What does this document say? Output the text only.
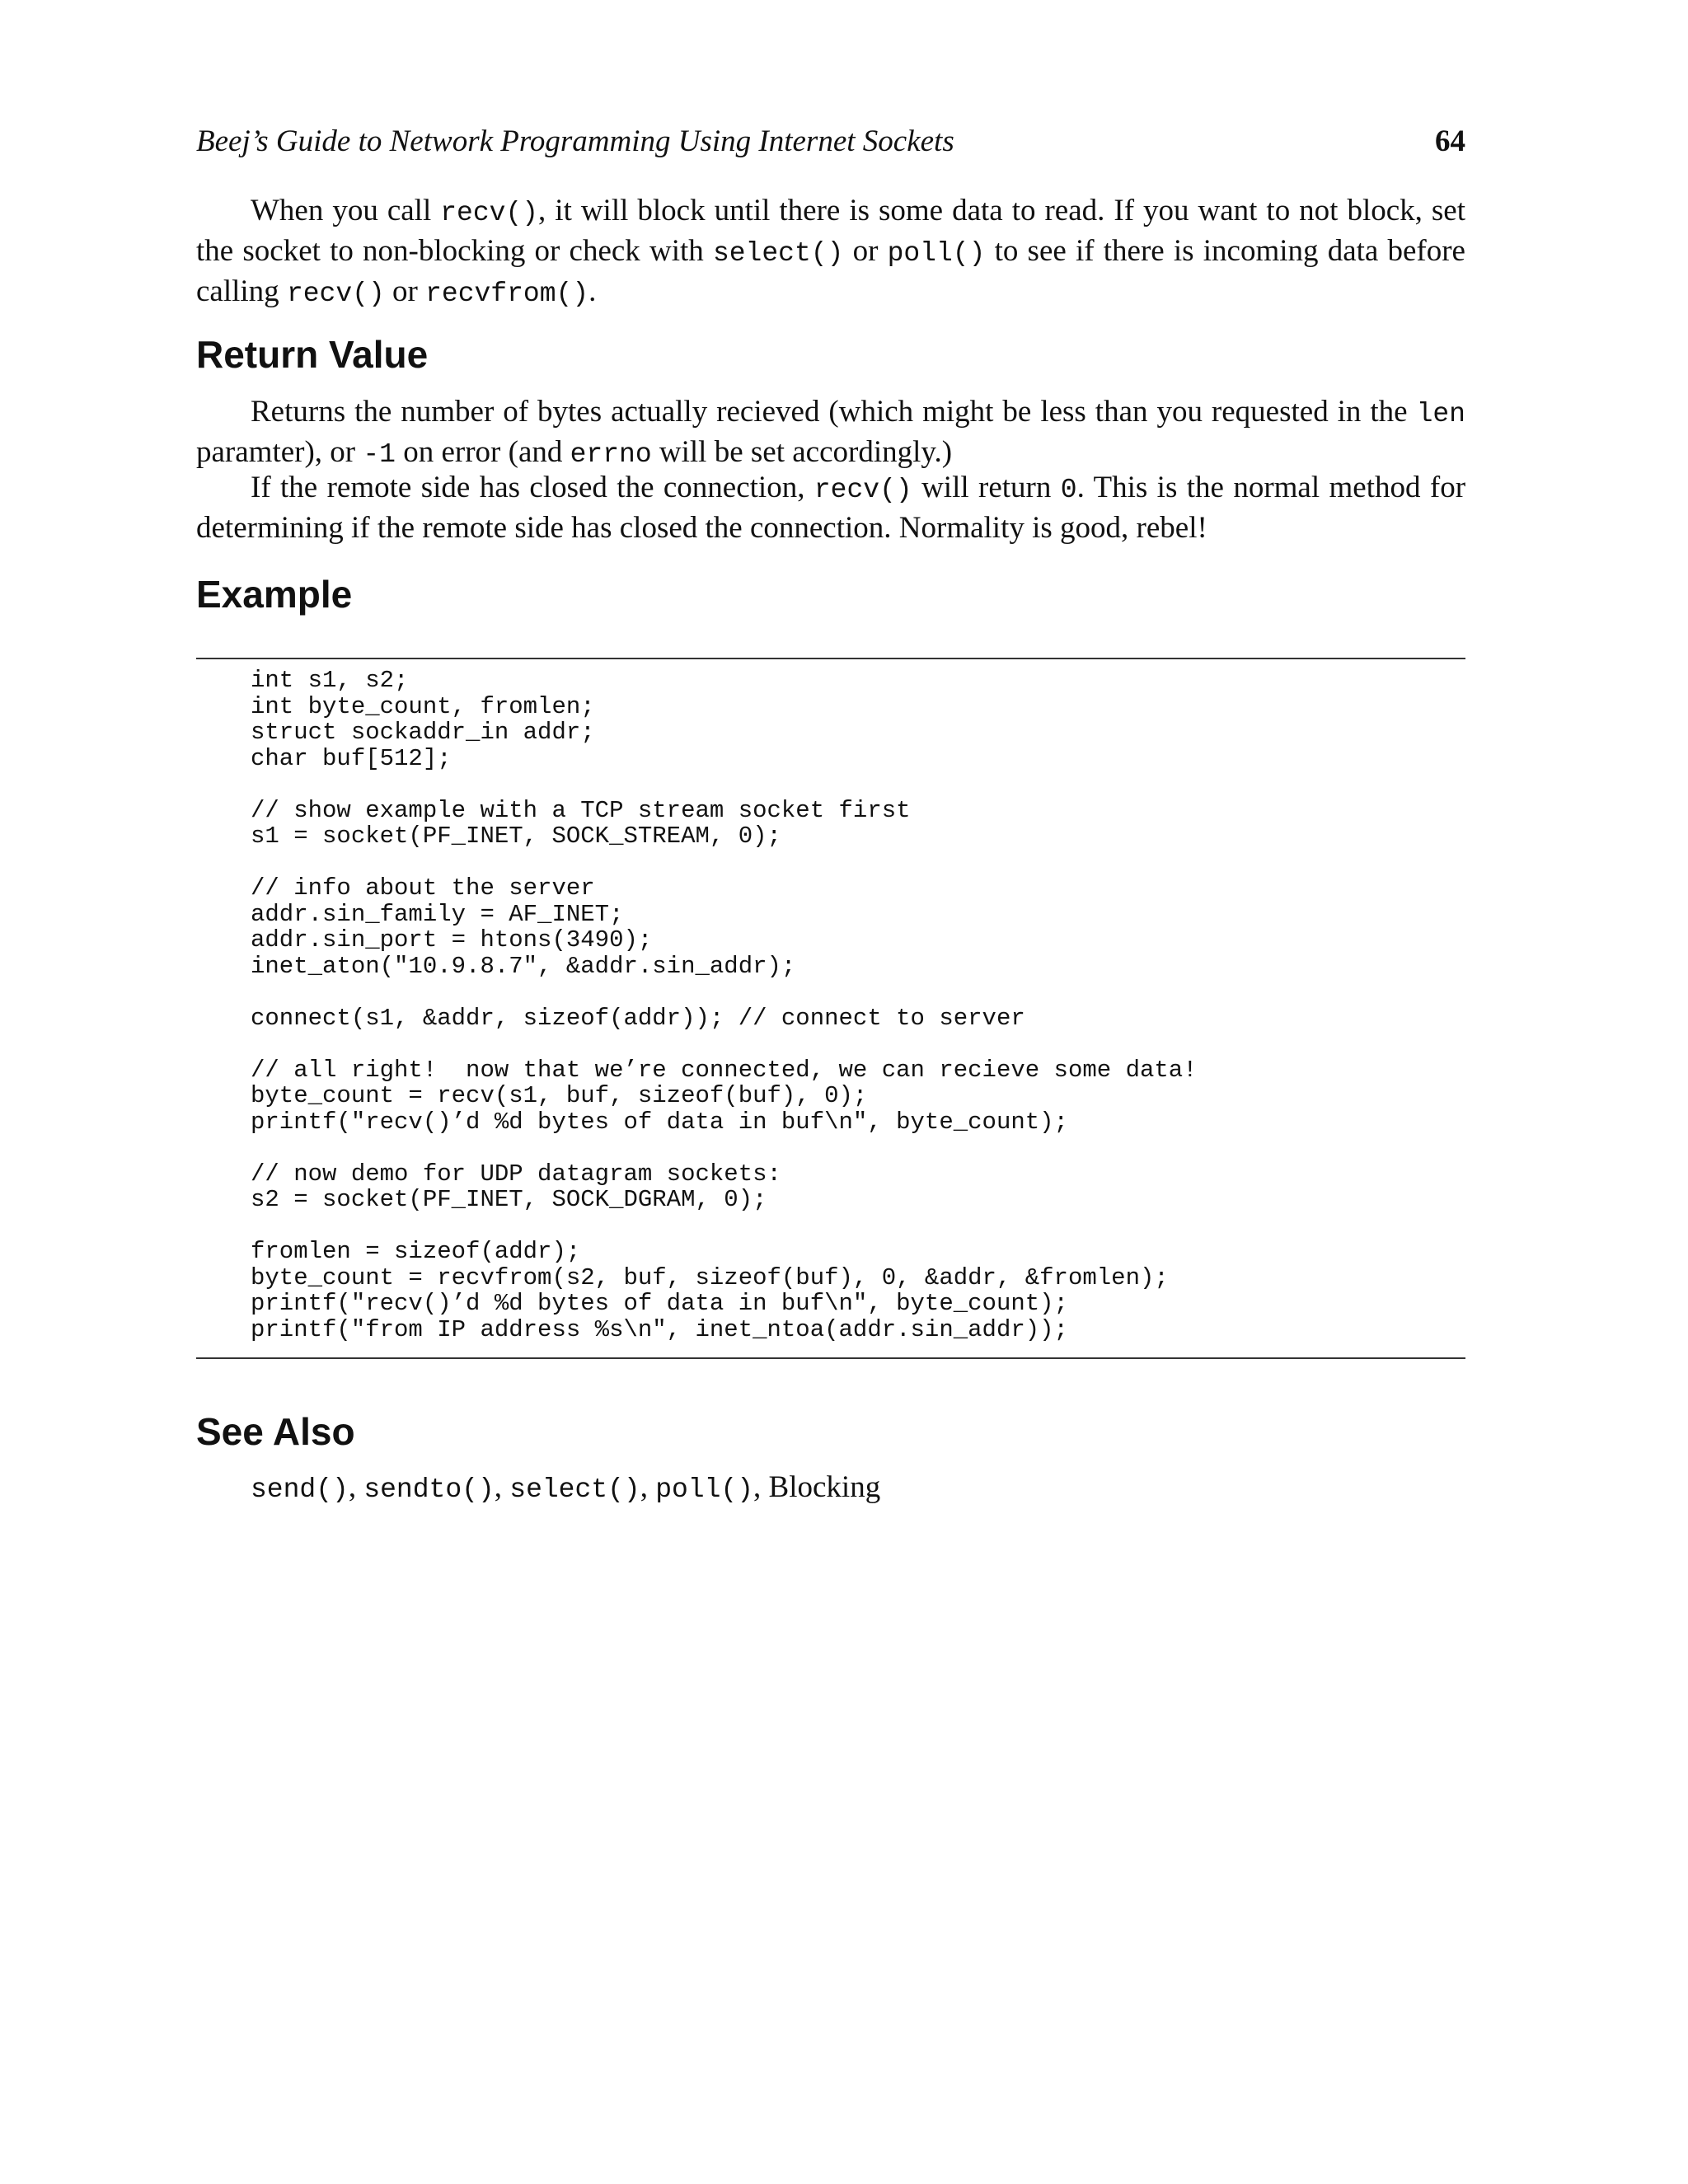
Beej’s Guide to Network Programming Using Internet Sockets	64

When you call recv(), it will block until there is some data to read. If you want to not block, set the socket to non-blocking or check with select() or poll() to see if there is incoming data before calling recv() or recvfrom().

Return Value

Returns the number of bytes actually recieved (which might be less than you requested in the len paramter), or -1 on error (and errno will be set accordingly.)

If the remote side has closed the connection, recv() will return 0. This is the normal method for determining if the remote side has closed the connection. Normality is good, rebel!

Example
int s1, s2;
int byte_count, fromlen;
struct sockaddr_in addr;
char buf[512];

// show example with a TCP stream socket first
s1 = socket(PF_INET, SOCK_STREAM, 0);

// info about the server
addr.sin_family = AF_INET;
addr.sin_port = htons(3490);
inet_aton("10.9.8.7", &addr.sin_addr);

connect(s1, &addr, sizeof(addr)); // connect to server

// all right!  now that we’re connected, we can recieve some data!
byte_count = recv(s1, buf, sizeof(buf), 0);
printf("recv()’d %d bytes of data in buf\n", byte_count);

// now demo for UDP datagram sockets:
s2 = socket(PF_INET, SOCK_DGRAM, 0);

fromlen = sizeof(addr);
byte_count = recvfrom(s2, buf, sizeof(buf), 0, &addr, &fromlen);
printf("recv()’d %d bytes of data in buf\n", byte_count);
printf("from IP address %s\n", inet_ntoa(addr.sin_addr));
See Also
send(), sendto(), select(), poll(), Blocking
